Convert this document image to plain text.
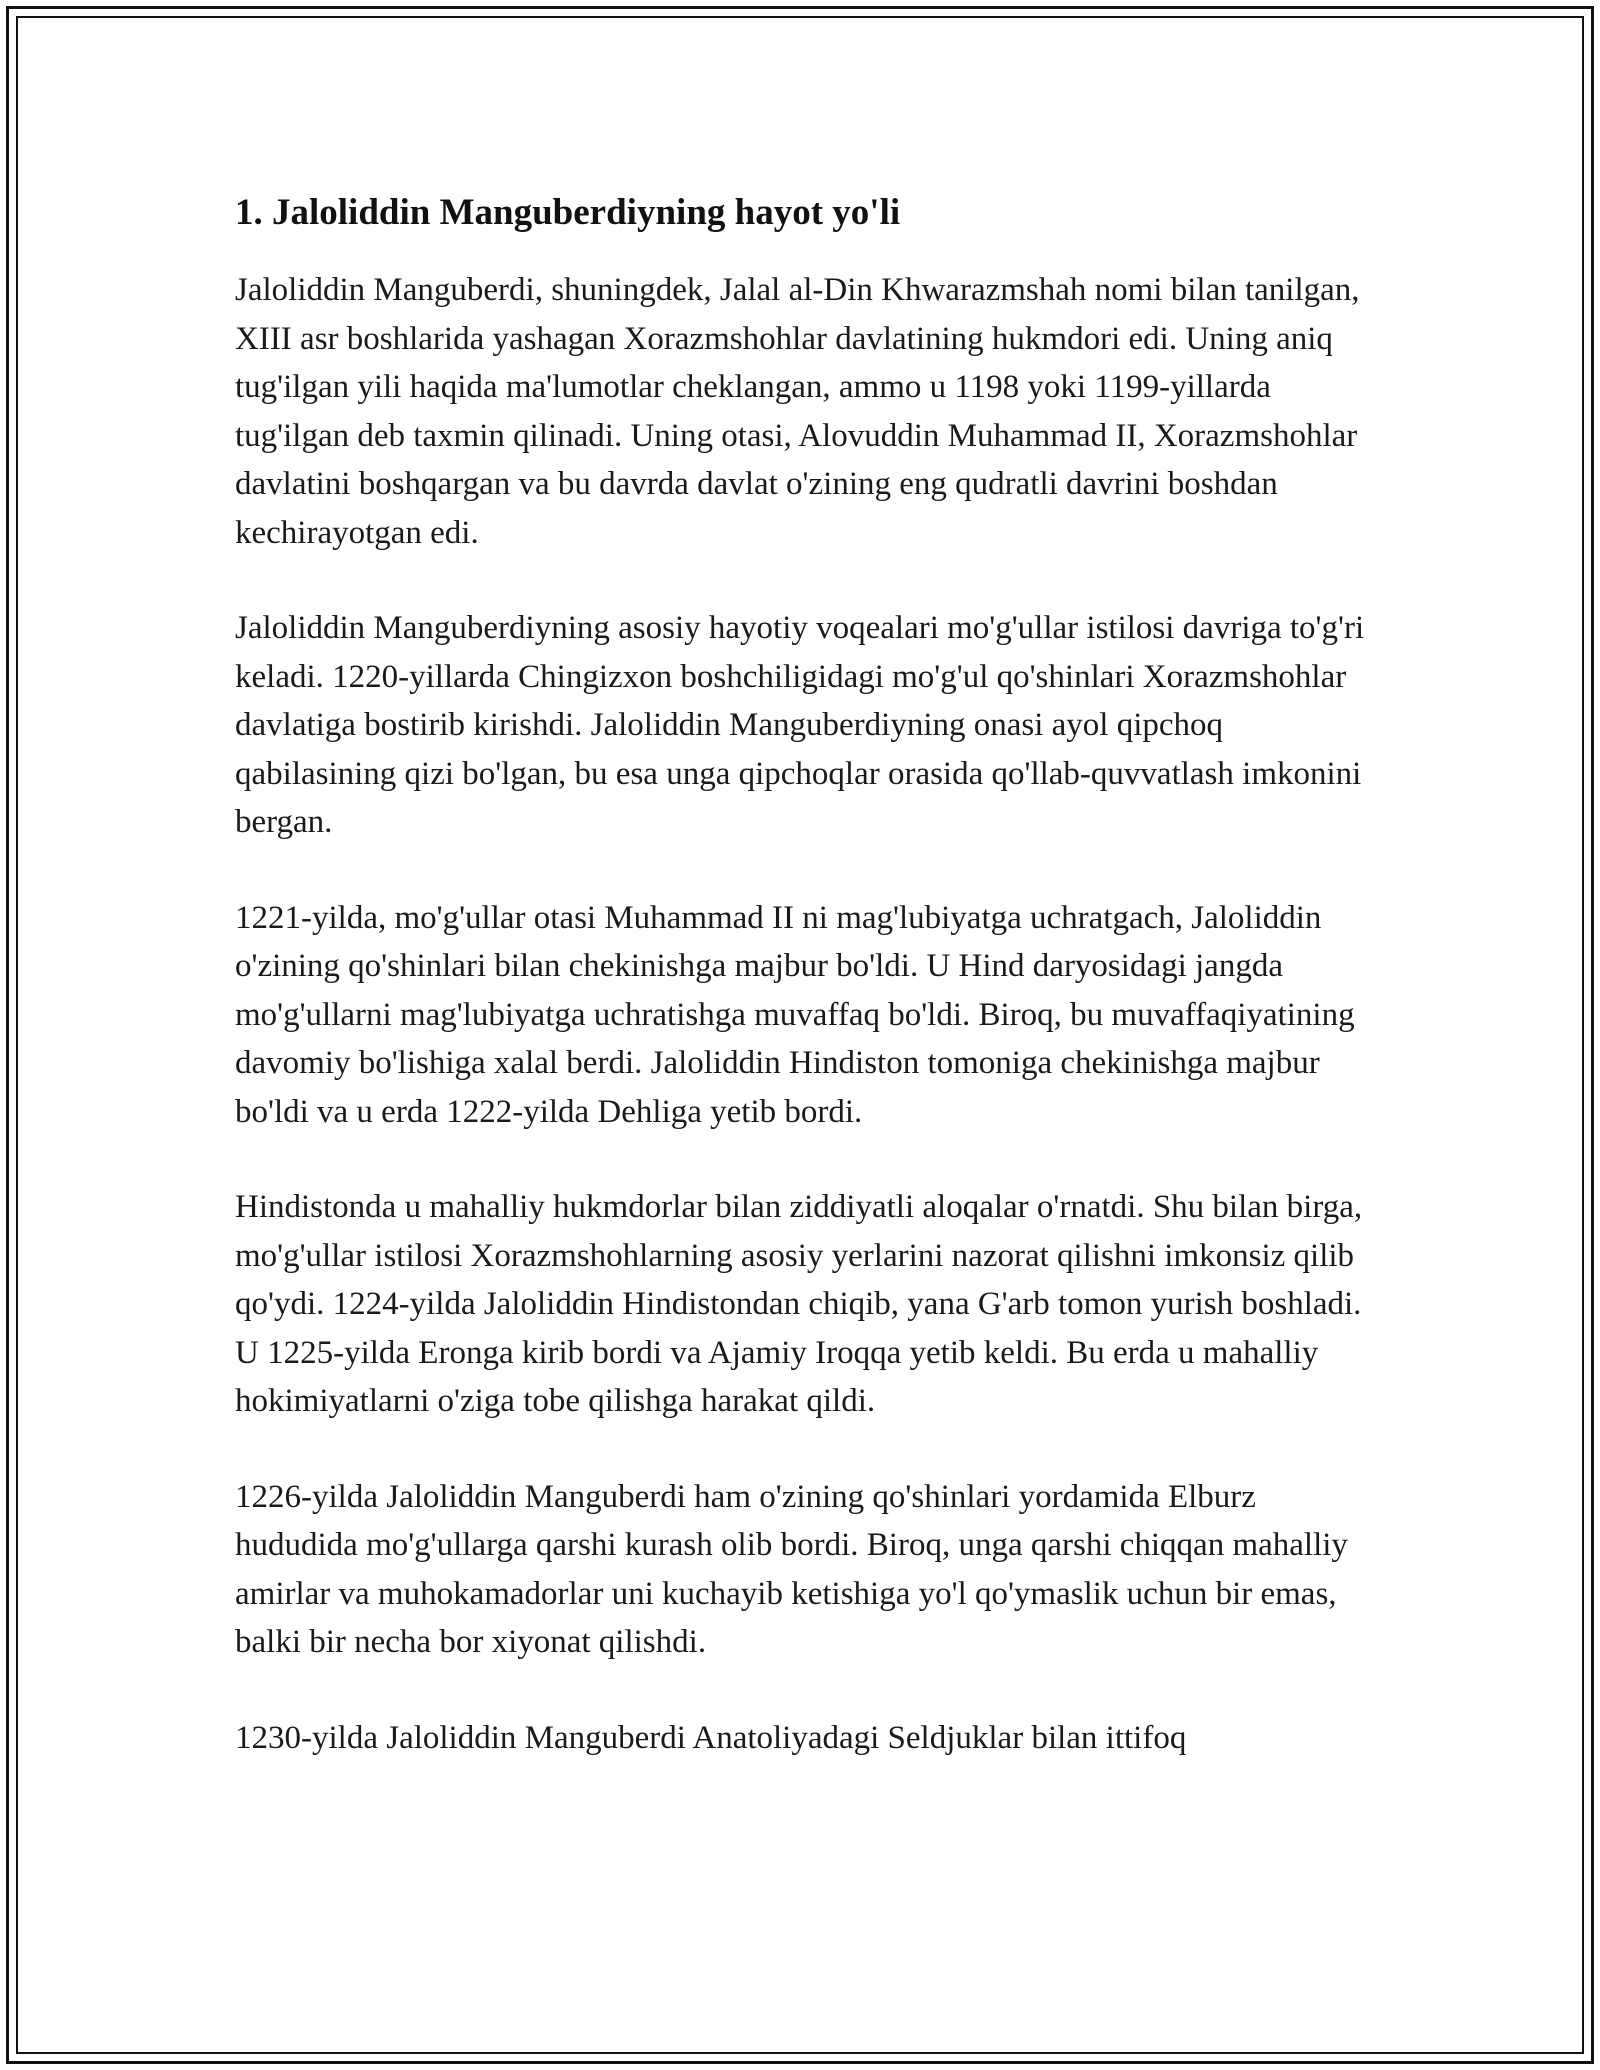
1. Jaloliddin Manguberdiyning hayot yo'li

Jaloliddin Manguberdi, shuningdek, Jalal al-Din Khwarazmshah nomi bilan tanilgan, XIII asr boshlarida yashagan Xorazmshohlar davlatining hukmdori edi. Uning aniq tug'ilgan yili haqida ma'lumotlar cheklangan, ammo u 1198 yoki 1199-yillarda tug'ilgan deb taxmin qilinadi. Uning otasi, Alovuddin Muhammad II, Xorazmshohlar davlatini boshqargan va bu davrda davlat o'zining eng qudratli davrini boshdan kechirayotgan edi.

Jaloliddin Manguberdiyning asosiy hayotiy voqealari mo'g'ullar istilosi davriga to'g'ri keladi. 1220-yillarda Chingizxon boshchiligidagi mo'g'ul qo'shinlari Xorazmshohlar davlatiga bostirib kirishdi. Jaloliddin Manguberdiyning onasi ayol qipchoq qabilasining qizi bo'lgan, bu esa unga qipchoqlar orasida qo'llab-quvvatlash imkonini bergan.

1221-yilda, mo'g'ullar otasi Muhammad II ni mag'lubiyatga uchratgach, Jaloliddin o'zining qo'shinlari bilan chekinishga majbur bo'ldi. U Hind daryosidagi jangda mo'g'ullarni mag'lubiyatga uchratishga muvaffaq bo'ldi. Biroq, bu muvaffaqiyatining davomiy bo'lishiga xalal berdi. Jaloliddin Hindiston tomoniga chekinishga majbur bo'ldi va u erda 1222-yilda Dehliga yetib bordi.

Hindistonda u mahalliy hukmdorlar bilan ziddiyatli aloqalar o'rnatdi. Shu bilan birga, mo'g'ullar istilosi Xorazmshohlarning asosiy yerlarini nazorat qilishni imkonsiz qilib qo'ydi. 1224-yilda Jaloliddin Hindistondan chiqib, yana G'arb tomon yurish boshladi. U 1225-yilda Eronga kirib bordi va Ajamiy Iroqqa yetib keldi. Bu erda u mahalliy hokimiyatlarni o'ziga tobe qilishga harakat qildi.

1226-yilda Jaloliddin Manguberdi ham o'zining qo'shinlari yordamida Elburz hududida mo'g'ullarga qarshi kurash olib bordi. Biroq, unga qarshi chiqqan mahalliy amirlar va muhokamadorlar uni kuchayib ketishiga yo'l qo'ymaslik uchun bir emas, balki bir necha bor xiyonat qilishdi.

1230-yilda Jaloliddin Manguberdi Anatoliyadagi Seldjuklar bilan ittifoq
